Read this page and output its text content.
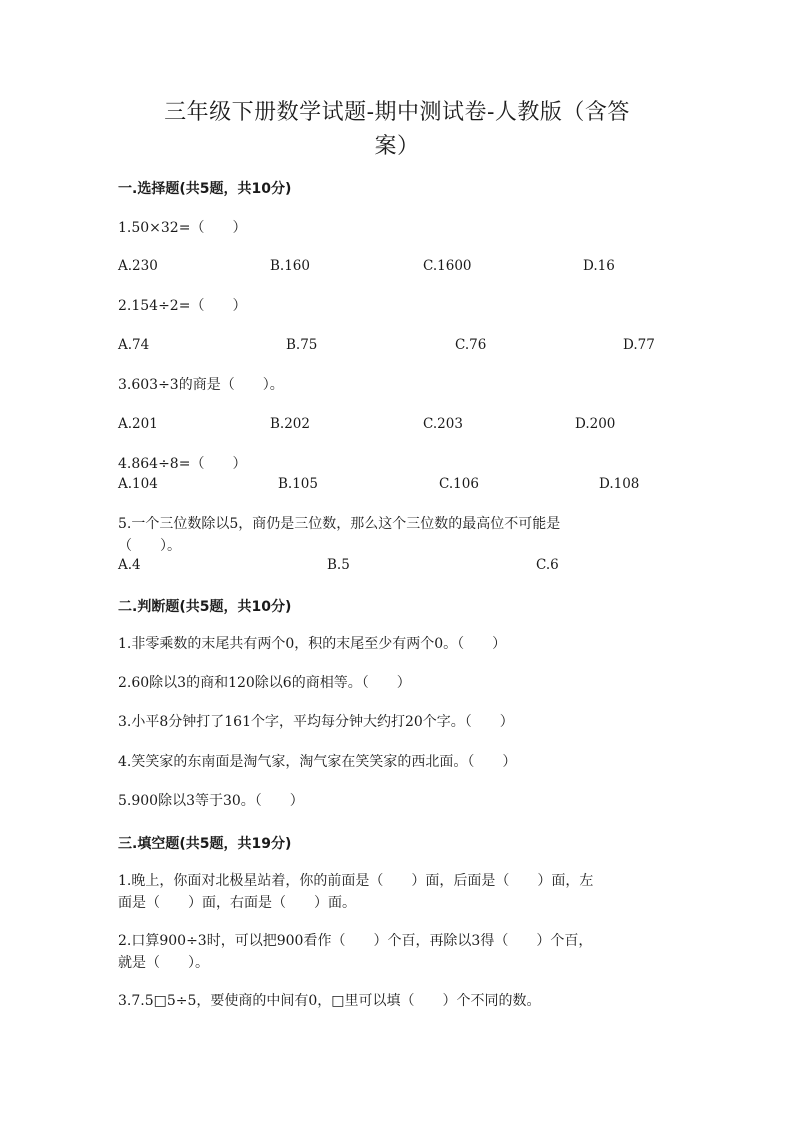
三年级下册数学试题-期中测试卷-人教版（含答
案）
一.选择题(共5题，共10分)
1.50×32=（　　）
A.230	B.160	C.1600	D.16
2.154÷2=（　　）
A.74	B.75	C.76	D.77
3.603÷3的商是（　　）。
A.201	B.202	C.203	D.200
4.864÷8=（　　）
A.104	B.105	C.106	D.108
5.一个三位数除以5，商仍是三位数，那么这个三位数的最高位不可能是
（　　）。
A.4	B.5	C.6
二.判断题(共5题，共10分)
1.非零乘数的末尾共有两个0，积的末尾至少有两个0。（　　）
2.60除以3的商和120除以6的商相等。（　　）
3.小平8分钟打了161个字，平均每分钟大约打20个字。（　　）
4.笑笑家的东南面是淘气家，淘气家在笑笑家的西北面。（　　）
5.900除以3等于30。（　　）
三.填空题(共5题，共19分)
1.晚上，你面对北极星站着，你的前面是（　　）面，后面是（　　）面，左
面是（　　）面，右面是（　　）面。
2.口算900÷3时，可以把900看作（　　）个百，再除以3得（　　）个百，
就是（　　）。
3.7.5□5÷5，要使商的中间有0，□里可以填（　　）个不同的数。
